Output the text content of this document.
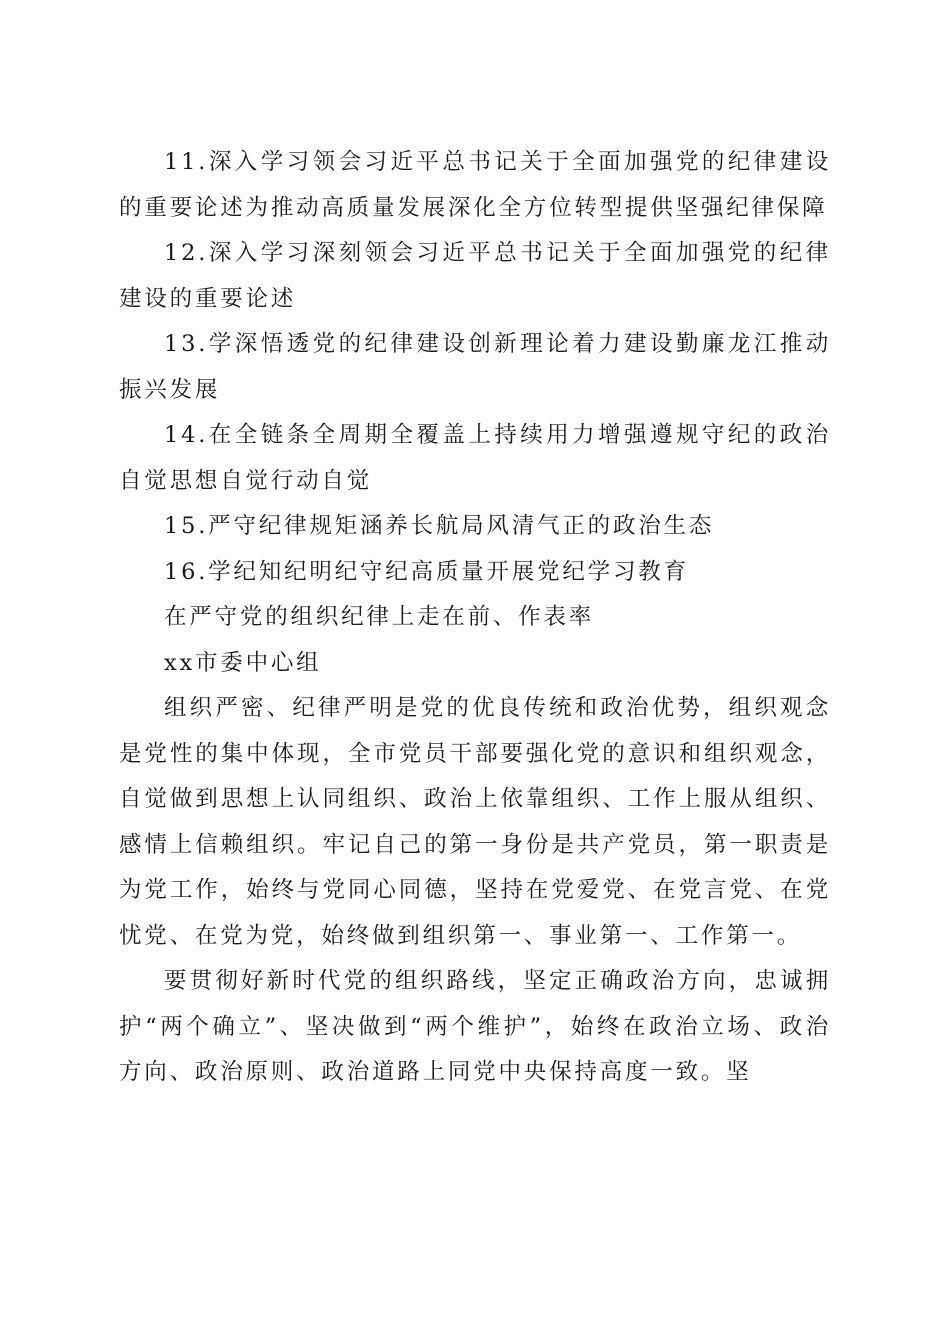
11.深入学习领会习近平总书记关于全面加强党的纪律建设的重要论述为推动高质量发展深化全方位转型提供坚强纪律保障

12.深入学习深刻领会习近平总书记关于全面加强党的纪律建设的重要论述

13.学深悟透党的纪律建设创新理论着力建设勤廉龙江推动振兴发展

14.在全链条全周期全覆盖上持续用力增强遵规守纪的政治自觉思想自觉行动自觉

15.严守纪律规矩涵养长航局风清气正的政治生态

16.学纪知纪明纪守纪高质量开展党纪学习教育

在严守党的组织纪律上走在前、作表率

xx市委中心组

组织严密、纪律严明是党的优良传统和政治优势，组织观念是党性的集中体现，全市党员干部要强化党的意识和组织观念，自觉做到思想上认同组织、政治上依靠组织、工作上服从组织、感情上信赖组织。牢记自己的第一身份是共产党员，第一职责是为党工作，始终与党同心同德，坚持在党爱党、在党言党、在党忧党、在党为党，始终做到组织第一、事业第一、工作第一。

要贯彻好新时代党的组织路线，坚定正确政治方向，忠诚拥护“两个确立”、坚决做到“两个维护”，始终在政治立场、政治方向、政治原则、政治道路上同党中央保持高度一致。坚
